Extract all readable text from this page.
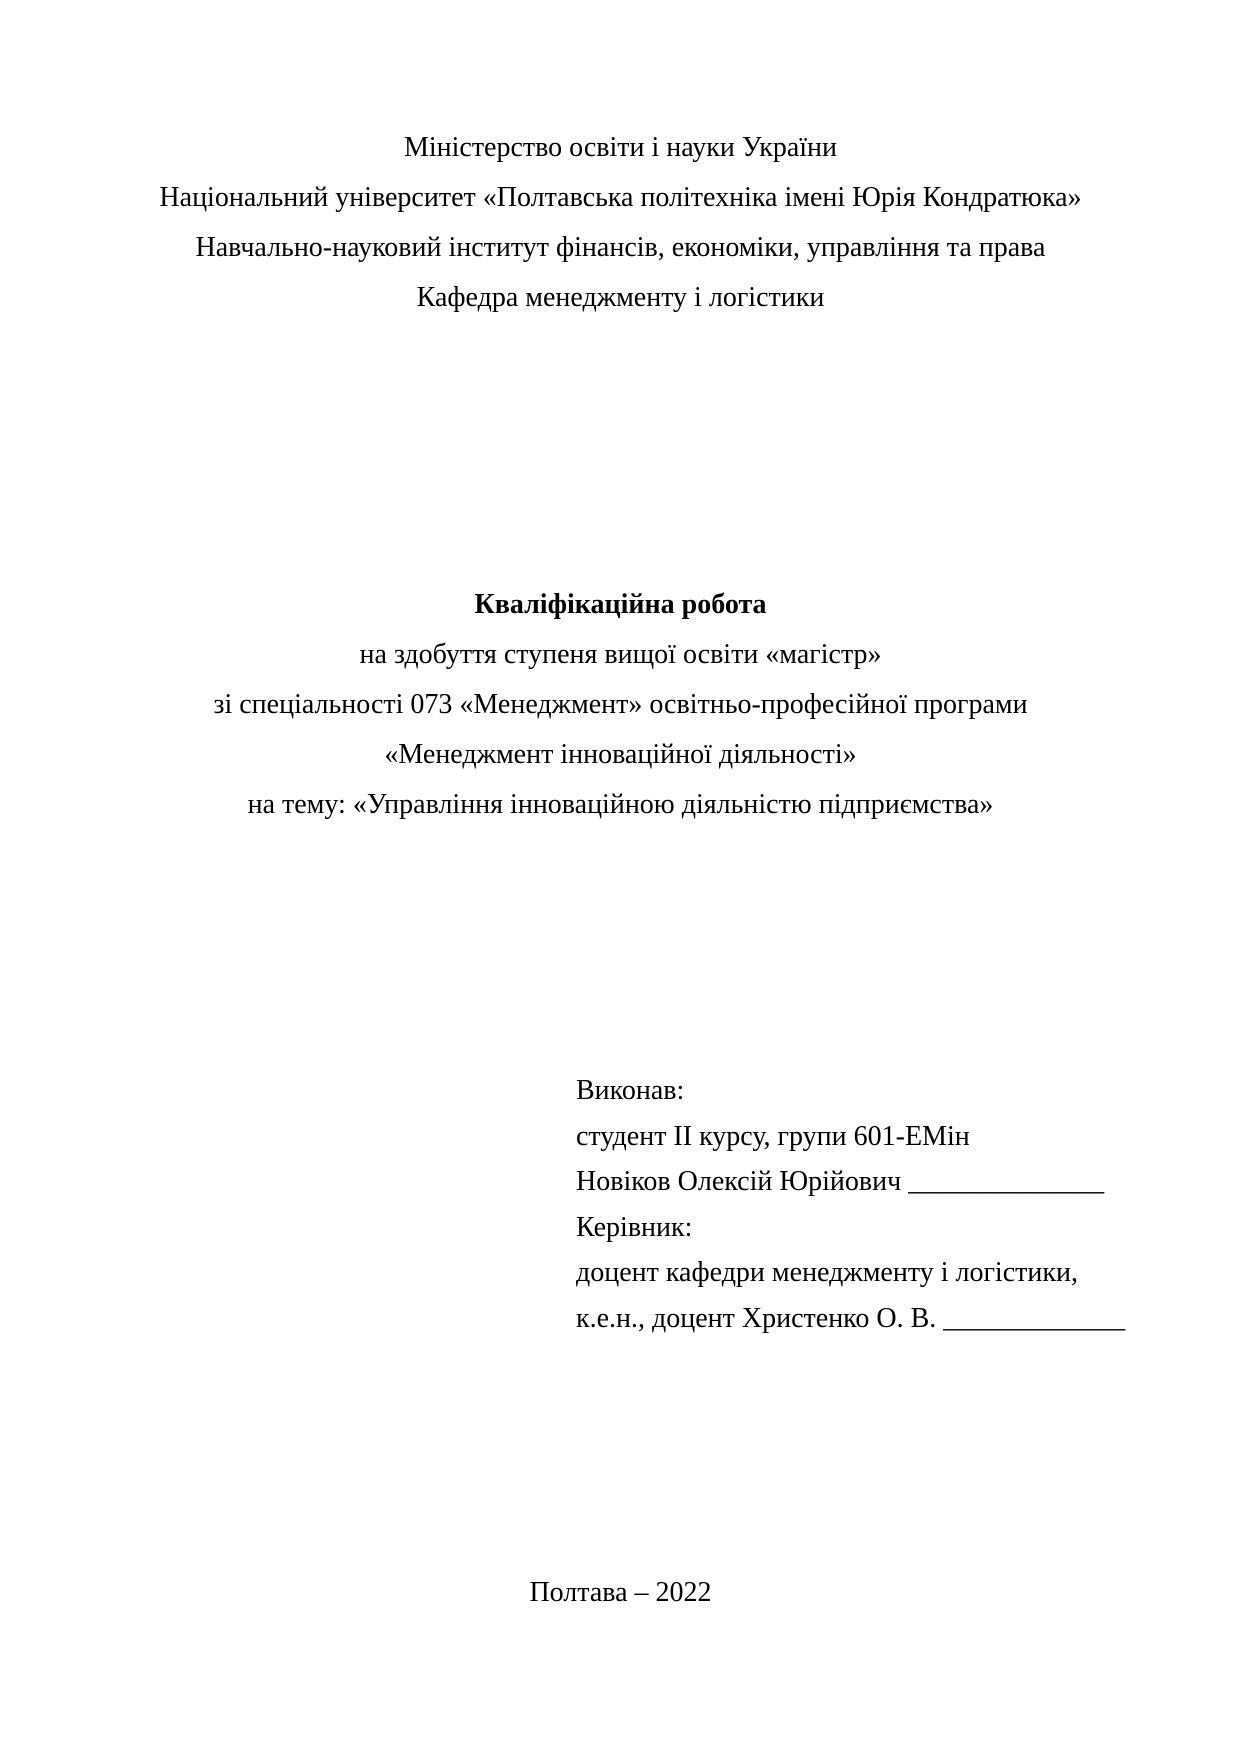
Міністерство освіти і науки України
Національний університет «Полтавська політехніка імені Юрія Кондратюка»
Навчально-науковий інститут фінансів, економіки, управління та права
Кафедра менеджменту і логістики
Кваліфікаційна робота
на здобуття ступеня вищої освіти «магістр»
зі спеціальності 073 «Менеджмент» освітньо-професійної програми
«Менеджмент інноваційної діяльності»
на тему: «Управління інноваційною діяльністю підприємства»
Виконав:
студент ІІ курсу, групи 601-ЕМін
Новіков Олексій Юрійович ______________
Керівник:
доцент кафедри менеджменту і логістики,
к.е.н., доцент Христенко О. В. _____________
Полтава – 2022
